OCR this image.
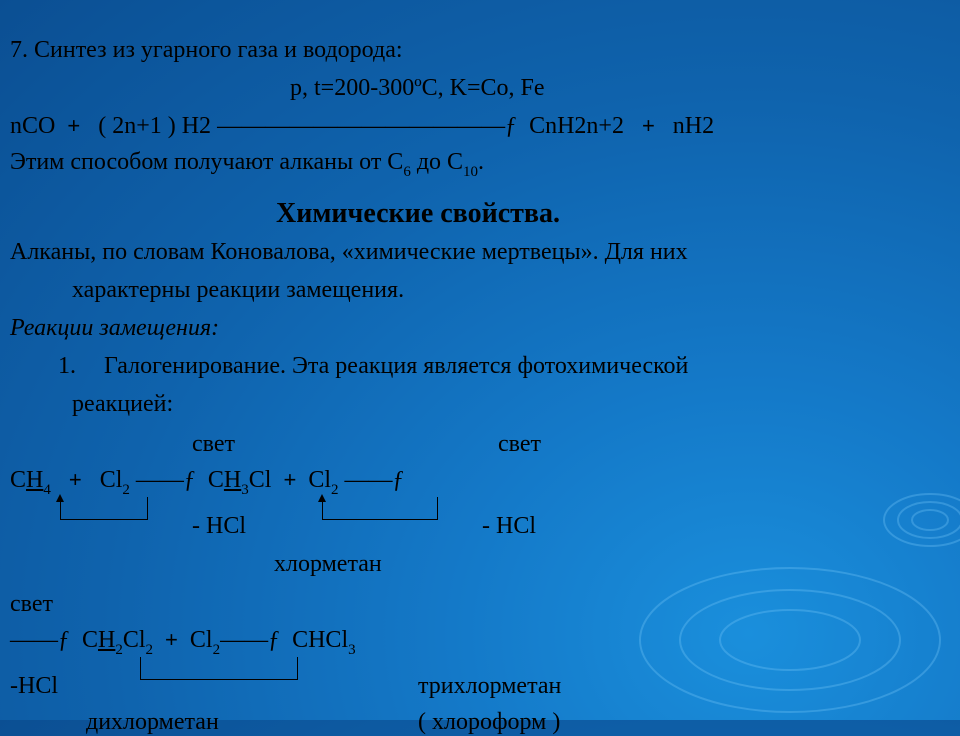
7. Синтез из угарного газа и водорода:
p, t=200-300ºC, K=Co, Fe
nCO + ( 2n+1 ) H2 ————————————ƒ CnH2n+2 + nH2
Этим способом получают алканы от $C_6$ до $C_{10}$.
Химические свойства.
Алканы, по словам Коновалова, «химические мертвецы». Для них
характерны реакции замещения.
Реакции замещения:
1. Галогенирование. Эта реакция является фотохимической
реакцией:
свет	свет
$CH_4 + Cl_2$ ——ƒ $CH_3Cl + Cl_2$ ——ƒ
- HCl	- HCl
хлорметан
свет
——ƒ $CH_2Cl_2$ + $Cl_2——ƒ$ CHCl$_3$
-HCl	трихлорметан
дихлорметан	( хлороформ )
